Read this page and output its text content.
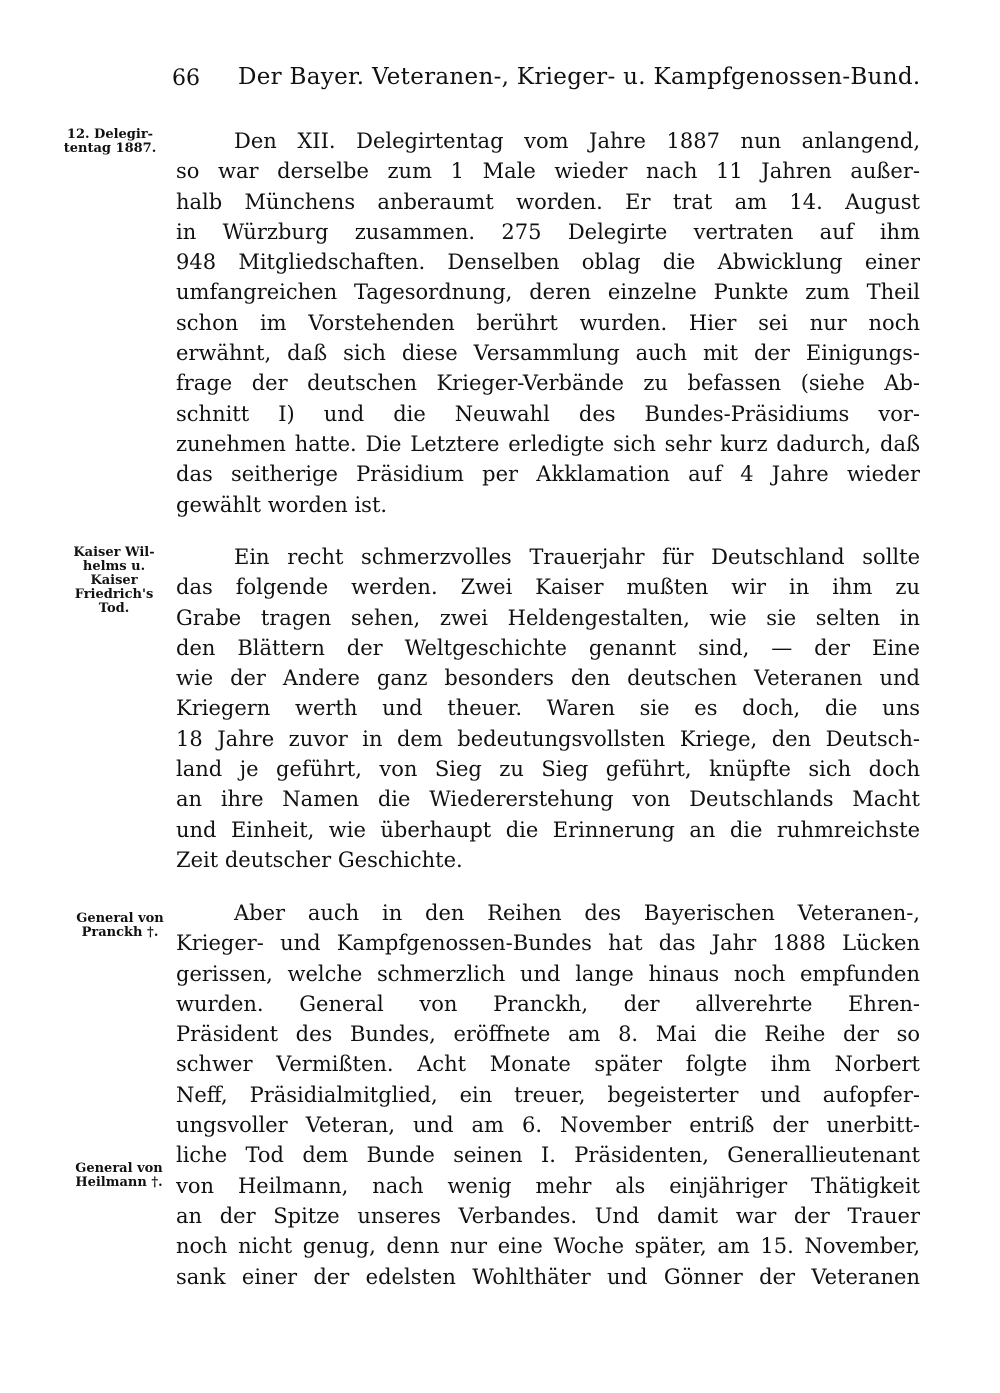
66 Der Bayer. Veteranen-, Krieger- u. Kampfgenossen-Bund.
12. Delegir-
tentag 1887.
Kaiser Wil-
helms u. Kaiser
Friedrich's
Tod.
General von
Pranckh †.
General von
Heilmann †.
Den XII. Delegirtentag vom Jahre 1887 nun anlangend,
so war derselbe zum 1 Male wieder nach 11 Jahren außer-
halb Münchens anberaumt worden. Er trat am 14. August
in Würzburg zusammen. 275 Delegirte vertraten auf ihm
948 Mitgliedschaften. Denselben oblag die Abwicklung einer
umfangreichen Tagesordnung, deren einzelne Punkte zum Theil
schon im Vorstehenden berührt wurden. Hier sei nur noch
erwähnt, daß sich diese Versammlung auch mit der Einigungs-
frage der deutschen Krieger-Verbände zu befassen (siehe Ab-
schnitt I) und die Neuwahl des Bundes-Präsidiums vor-
zunehmen hatte. Die Letztere erledigte sich sehr kurz dadurch, daß
das seitherige Präsidium per Akklamation auf 4 Jahre wieder
gewählt worden ist.
Ein recht schmerzvolles Trauerjahr für Deutschland sollte
das folgende werden. Zwei Kaiser mußten wir in ihm zu
Grabe tragen sehen, zwei Heldengestalten, wie sie selten in
den Blättern der Weltgeschichte genannt sind, — der Eine
wie der Andere ganz besonders den deutschen Veteranen und
Kriegern werth und theuer. Waren sie es doch, die uns
18 Jahre zuvor in dem bedeutungsvollsten Kriege, den Deutsch-
land je geführt, von Sieg zu Sieg geführt, knüpfte sich doch
an ihre Namen die Wiedererstehung von Deutschlands Macht
und Einheit, wie überhaupt die Erinnerung an die ruhmreichste
Zeit deutscher Geschichte.
Aber auch in den Reihen des Bayerischen Veteranen-,
Krieger- und Kampfgenossen-Bundes hat das Jahr 1888 Lücken
gerissen, welche schmerzlich und lange hinaus noch empfunden
wurden. General von Pranckh, der allverehrte Ehren-
Präsident des Bundes, eröffnete am 8. Mai die Reihe der so
schwer Vermißten. Acht Monate später folgte ihm Norbert
Neff, Präsidialmitglied, ein treuer, begeisterter und aufopfer-
ungsvoller Veteran, und am 6. November entriß der unerbitt-
liche Tod dem Bunde seinen I. Präsidenten, Generallieutenant
von Heilmann, nach wenig mehr als einjähriger Thätigkeit
an der Spitze unseres Verbandes. Und damit war der Trauer
noch nicht genug, denn nur eine Woche später, am 15. November,
sank einer der edelsten Wohlthäter und Gönner der Veteranen
